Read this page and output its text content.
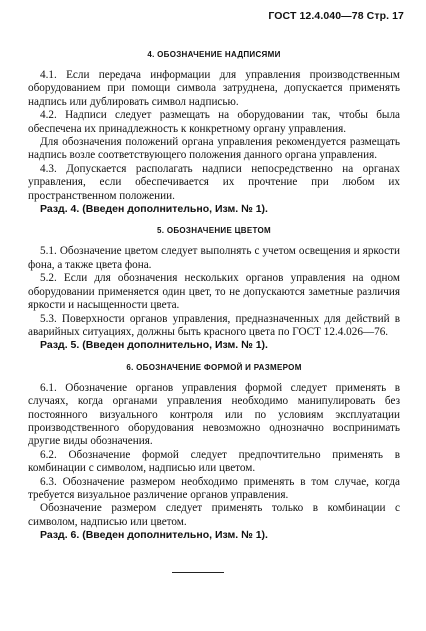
ГОСТ 12.4.040—78 Стр. 17
4. ОБОЗНАЧЕНИЕ НАДПИСЯМИ

4.1. Если передача информации для управления производственным оборудованием при помощи символа затруднена, допускается применять надпись или дублировать символ надписью.

4.2. Надписи следует размещать на оборудовании так, чтобы была обеспечена их принадлежность к конкретному органу управления.

Для обозначения положений органа управления рекомендуется размещать надпись возле соответствующего положения данного органа управления.

4.3. Допускается располагать надписи непосредственно на органах управления, если обеспечивается их прочтение при любом их пространственном положении.

Разд. 4. (Введен дополнительно, Изм. № 1).

5. ОБОЗНАЧЕНИЕ ЦВЕТОМ

5.1. Обозначение цветом следует выполнять с учетом освещения и яркости фона, а также цвета фона.

5.2. Если для обозначения нескольких органов управления на одном оборудовании применяется один цвет, то не допускаются заметные различия яркости и насыщенности цвета.

5.3. Поверхности органов управления, предназначенных для действий в аварийных ситуациях, должны быть красного цвета по ГОСТ 12.4.026—76.

Разд. 5. (Введен дополнительно, Изм. № 1).

6. ОБОЗНАЧЕНИЕ ФОРМОЙ И РАЗМЕРОМ

6.1. Обозначение органов управления формой следует применять в случаях, когда органами управления необходимо манипулировать без постоянного визуального контроля или по условиям эксплуатации производственного оборудования невозможно однозначно воспринимать другие виды обозначения.

6.2. Обозначение формой следует предпочтительно применять в комбинации с символом, надписью или цветом.

6.3. Обозначение размером необходимо применять в том случае, когда требуется визуальное различение органов управления.

Обозначение размером следует применять только в комбинации с символом, надписью или цветом.

Разд. 6. (Введен дополнительно, Изм. № 1).
